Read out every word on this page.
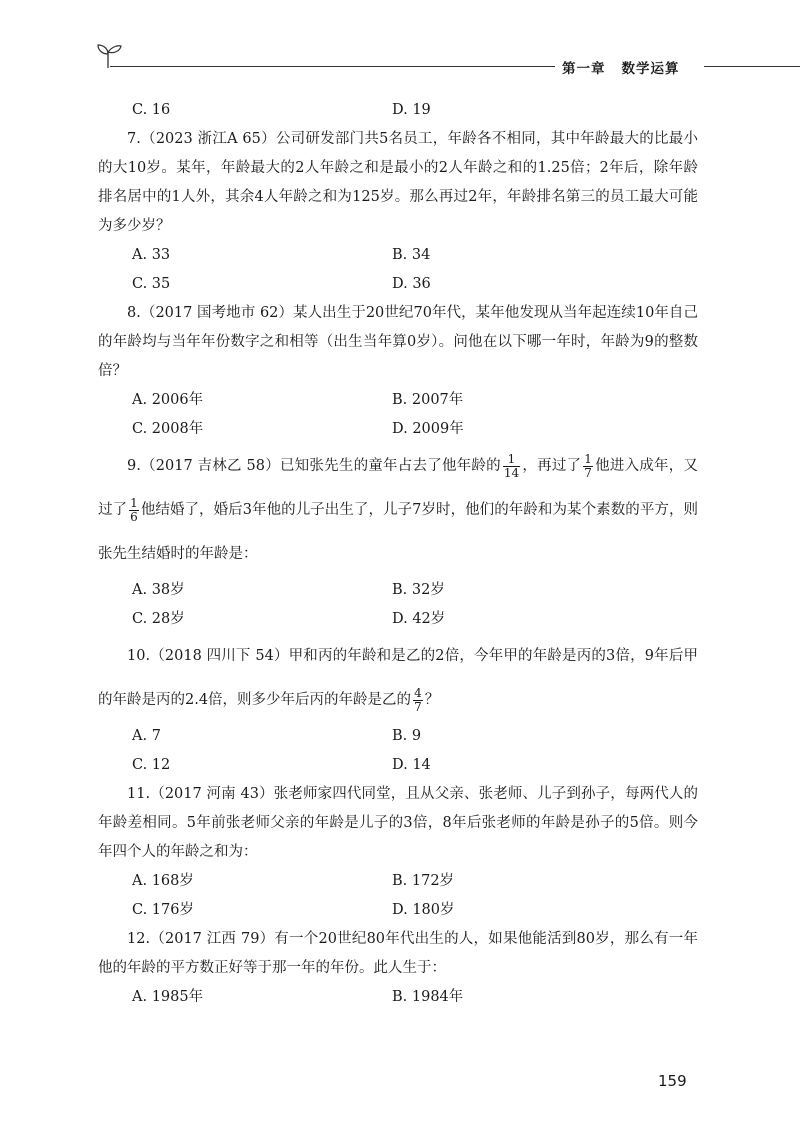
第一章 数学运算
C. 16	D. 19

7.（2023 浙江A 65）公司研发部门共5名员工，年龄各不相同，其中年龄最大的比最小的大10岁。某年，年龄最大的2人年龄之和是最小的2人年龄之和的1.25倍；2年后，除年龄排名居中的1人外，其余4人年龄之和为125岁。那么再过2年，年龄排名第三的员工最大可能为多少岁？

A. 33	B. 34
C. 35	D. 36

8.（2017 国考地市 62）某人出生于20世纪70年代，某年他发现从当年起连续10年自己的年龄均与当年年份数字之和相等（出生当年算0岁）。问他在以下哪一年时，年龄为9的整数倍？

A. 2006年	B. 2007年
C. 2008年	D. 2009年

9.（2017 吉林乙 58）已知张先生的童年占去了他年龄的 $\frac{1}{14}$ ，再过了 $\frac{1}{7}$ 他进入成年，又过了 $\frac{1}{6}$ 他结婚了，婚后3年他的儿子出生了，儿子7岁时，他们的年龄和为某个素数的平方，则张先生结婚时的年龄是：

A. 38岁	B. 32岁
C. 28岁	D. 42岁

10.（2018 四川下 54）甲和丙的年龄和是乙的2倍，今年甲的年龄是丙的3倍，9年后甲的年龄是丙的2.4倍，则多少年后丙的年龄是乙的 $\frac{4}{7}$ ？

A. 7	B. 9
C. 12	D. 14

11.（2017 河南 43）张老师家四代同堂，且从父亲、张老师、儿子到孙子，每两代人的年龄差相同。5年前张老师父亲的年龄是儿子的3倍，8年后张老师的年龄是孙子的5倍。则今年四个人的年龄之和为：

A. 168岁	B. 172岁
C. 176岁	D. 180岁

12.（2017 江西 79）有一个20世纪80年代出生的人，如果他能活到80岁，那么有一年他的年龄的平方数正好等于那一年的年份。此人生于：

A. 1985年	B. 1984年
159
